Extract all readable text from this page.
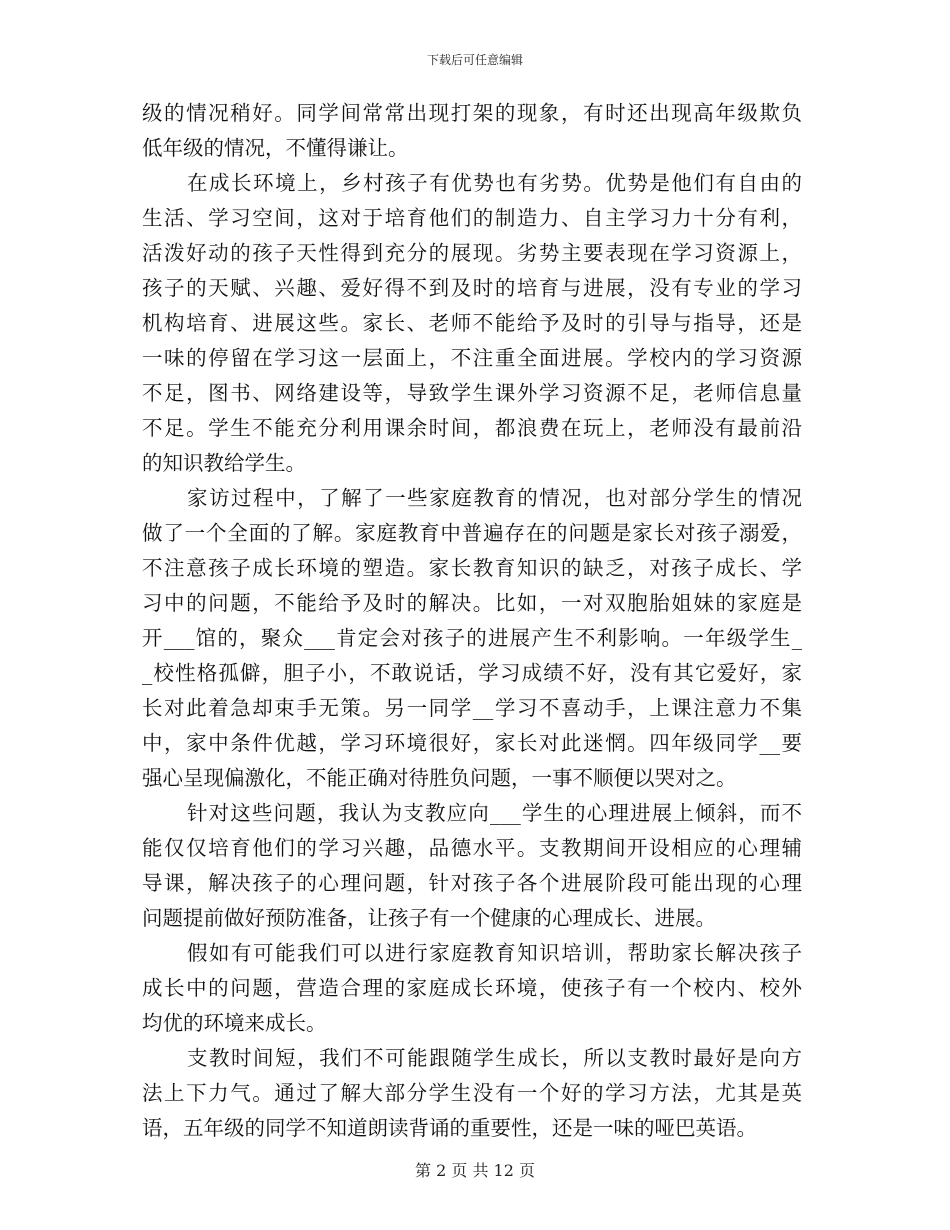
下载后可任意编辑
级的情况稍好。同学间常常出现打架的现象，有时还出现高年级欺负
低年级的情况，不懂得谦让。
在成长环境上，乡村孩子有优势也有劣势。优势是他们有自由的
生活、学习空间，这对于培育他们的制造力、自主学习力十分有利，
活泼好动的孩子天性得到充分的展现。劣势主要表现在学习资源上，
孩子的天赋、兴趣、爱好得不到及时的培育与进展，没有专业的学习
机构培育、进展这些。家长、老师不能给予及时的引导与指导，还是
一味的停留在学习这一层面上，不注重全面进展。学校内的学习资源
不足，图书、网络建设等，导致学生课外学习资源不足，老师信息量
不足。学生不能充分利用课余时间，都浪费在玩上，老师没有最前沿
的知识教给学生。
家访过程中，了解了一些家庭教育的情况，也对部分学生的情况
做了一个全面的了解。家庭教育中普遍存在的问题是家长对孩子溺爱，
不注意孩子成长环境的塑造。家长教育知识的缺乏，对孩子成长、学
习中的问题，不能给予及时的解决。比如，一对双胞胎姐妹的家庭是
开___馆的，聚众___肯定会对孩子的进展产生不利影响。一年级学生_
_校性格孤僻，胆子小，不敢说话，学习成绩不好，没有其它爱好，家
长对此着急却束手无策。另一同学__学习不喜动手，上课注意力不集
中，家中条件优越，学习环境很好，家长对此迷惘。四年级同学__要
强心呈现偏激化，不能正确对待胜负问题，一事不顺便以哭对之。
针对这些问题，我认为支教应向___学生的心理进展上倾斜，而不
能仅仅培育他们的学习兴趣，品德水平。支教期间开设相应的心理辅
导课，解决孩子的心理问题，针对孩子各个进展阶段可能出现的心理
问题提前做好预防准备，让孩子有一个健康的心理成长、进展。
假如有可能我们可以进行家庭教育知识培训，帮助家长解决孩子
成长中的问题，营造合理的家庭成长环境，使孩子有一个校内、校外
均优的环境来成长。
支教时间短，我们不可能跟随学生成长，所以支教时最好是向方
法上下力气。通过了解大部分学生没有一个好的学习方法，尤其是英
语，五年级的同学不知道朗读背诵的重要性，还是一味的哑巴英语。
第 2 页 共 12 页
